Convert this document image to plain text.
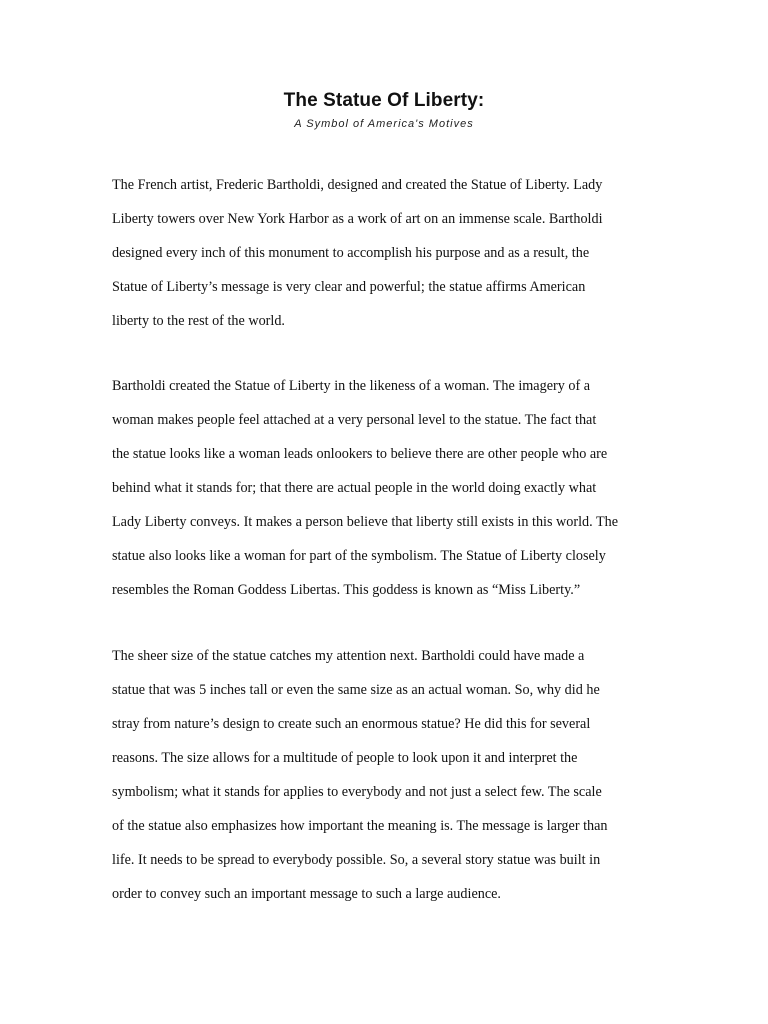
The Statue Of Liberty:
A Symbol of America's Motives
The French artist, Frederic Bartholdi, designed and created the Statue of Liberty. Lady
Liberty towers over New York Harbor as a work of art on an immense scale. Bartholdi
designed every inch of this monument to accomplish his purpose and as a result, the
Statue of Liberty’s message is very clear and powerful; the statue affirms American
liberty to the rest of the world.
Bartholdi created the Statue of Liberty in the likeness of a woman. The imagery of a
woman makes people feel attached at a very personal level to the statue. The fact that
the statue looks like a woman leads onlookers to believe there are other people who are
behind what it stands for; that there are actual people in the world doing exactly what
Lady Liberty conveys. It makes a person believe that liberty still exists in this world. The
statue also looks like a woman for part of the symbolism. The Statue of Liberty closely
resembles the Roman Goddess Libertas. This goddess is known as “Miss Liberty.”
The sheer size of the statue catches my attention next. Bartholdi could have made a
statue that was 5 inches tall or even the same size as an actual woman. So, why did he
stray from nature’s design to create such an enormous statue? He did this for several
reasons. The size allows for a multitude of people to look upon it and interpret the
symbolism; what it stands for applies to everybody and not just a select few. The scale
of the statue also emphasizes how important the meaning is. The message is larger than
life. It needs to be spread to everybody possible. So, a several story statue was built in
order to convey such an important message to such a large audience.
